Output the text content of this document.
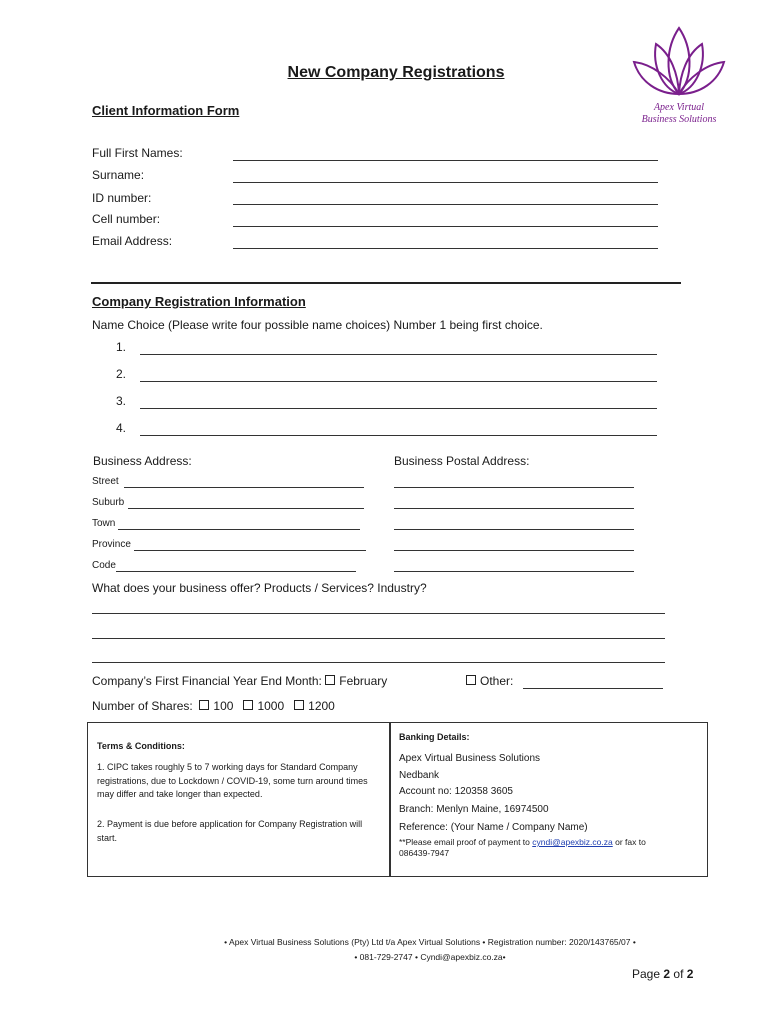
New Company Registrations
Apex Virtual
Business Solutions
Client Information Form
Full First Names:
Surname:
ID number:
Cell number:
Email Address:
Company Registration Information
Name Choice (Please write four possible name choices) Number 1 being first choice.
1.
2.
3.
4.
Business Address:	Business Postal Address:
Street
Suburb
Town
Province
Code
What does your business offer? Products / Services? Industry?
Company’s First Financial Year End Month: February	Other:
Number of Shares: 100 1000 1200
Terms & Conditions:
1. CIPC takes roughly 5 to 7 working days for Standard Company registrations, due to Lockdown / COVID-19, some turn around times may differ and take longer than expected.
2. Payment is due before application for Company Registration will start.
Banking Details:
Apex Virtual Business Solutions
Nedbank
Account no: 120358 3605
Branch: Menlyn Maine, 16974500
Reference: (Your Name / Company Name)
**Please email proof of payment to cyndi@apexbiz.co.za or fax to
086439-7947
• Apex Virtual Business Solutions (Pty) Ltd t/a Apex Virtual Solutions • Registration number: 2020/143765/07 •
• 081-729-2747 • Cyndi@apexbiz.co.za•
Page 2 of 2
